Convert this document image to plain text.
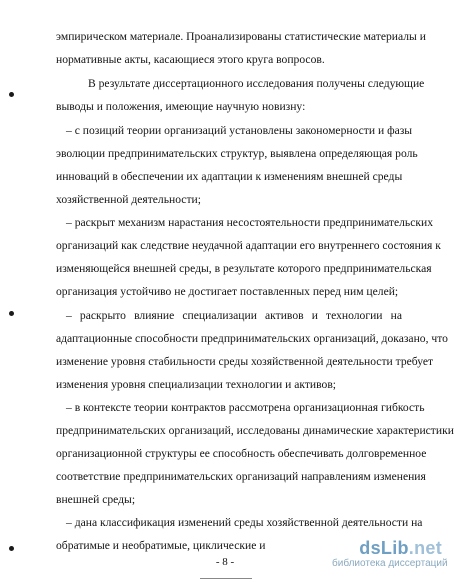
эмпирическом материале. Проанализированы статистические материалы и
нормативные акты, касающиеся этого круга вопросов.
В результате диссертационного исследования получены следующие
выводы и положения, имеющие научную новизну:
– с позиций теории организаций установлены закономерности и фазы
эволюции предпринимательских структур, выявлена определяющая роль
инноваций в обеспечении их адаптации к изменениям внешней среды
хозяйственной деятельности;
– раскрыт механизм нарастания несостоятельности предпринимательских
организаций как следствие неудачной адаптации его внутреннего состояния к
изменяющейся внешней среды, в результате которого предпринимательская
организация устойчиво не достигает поставленных перед ним целей;
– раскрыто влияние специализации активов и технологии на
адаптационные способности предпринимательских организаций, доказано, что
изменение уровня стабильности среды хозяйственной деятельности требует
изменения уровня специализации технологии и активов;
– в контексте теории контрактов рассмотрена организационная гибкость
предпринимательских организаций, исследованы динамические характеристики
организационной структуры ее способность обеспечивать долговременное
соответствие предпринимательских организаций направлениям изменения
внешней среды;
– дана классификация изменений среды хозяйственной деятельности на
обратимые и необратимые, циклические и
- 8 -
dsLib.net
библиотека диссертаций
